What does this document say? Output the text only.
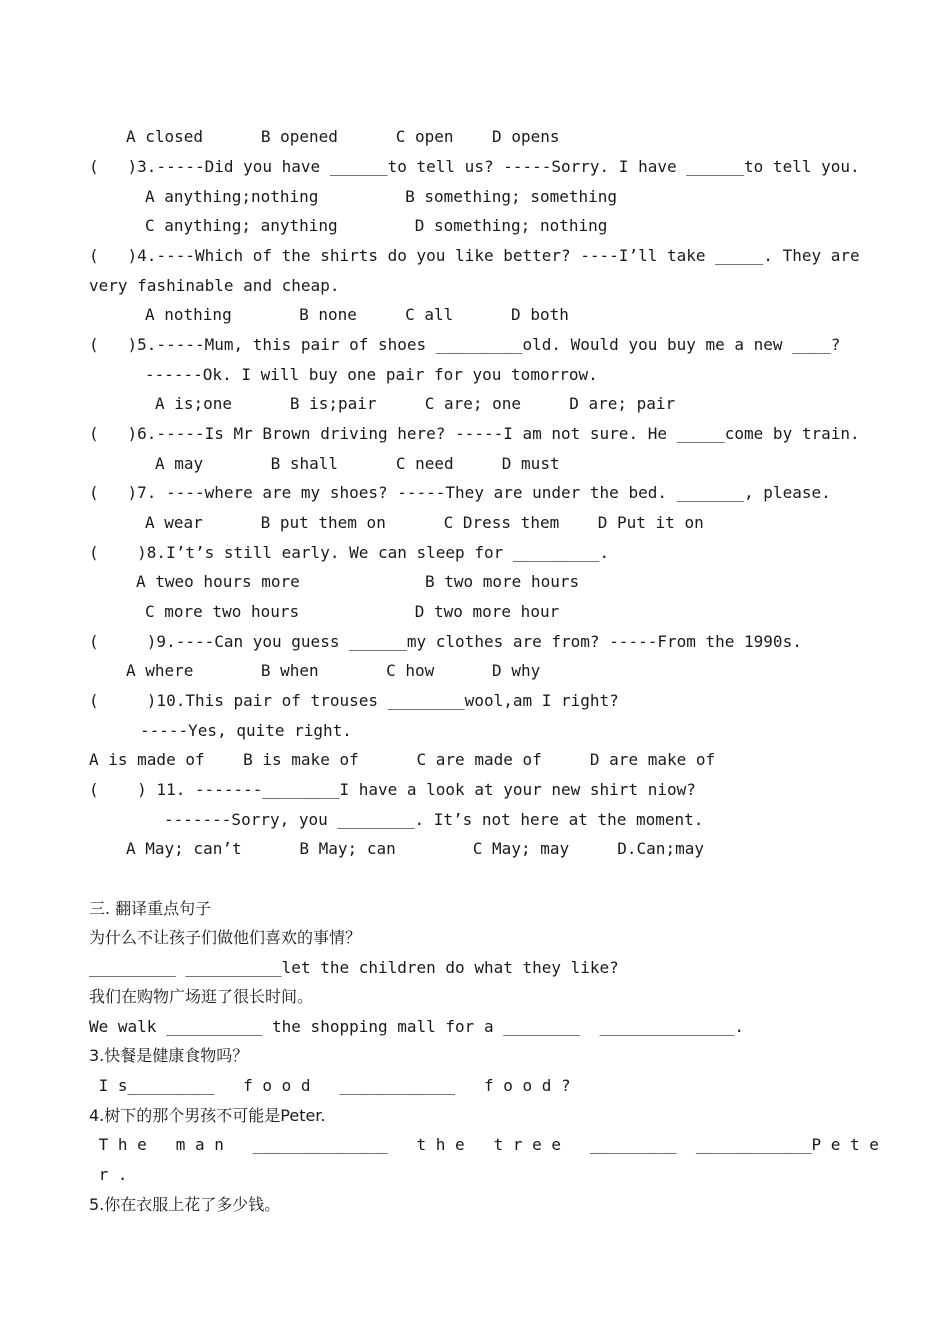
A closed      B opened      C open    D opens
(   )3.-----Did you have ______to tell us? -----Sorry. I have ______to tell you.
A anything;nothing         B something; something
C anything; anything        D something; nothing
(   )4.----Which of the shirts do you like better? ----I’ll take _____. They are
very fashinable and cheap.
A nothing       B none     C all      D both
(   )5.-----Mum, this pair of shoes _________old. Would you buy me a new ____?
------Ok. I will buy one pair for you tomorrow.
A is;one      B is;pair     C are; one     D are; pair
(   )6.-----Is Mr Brown driving here? -----I am not sure. He _____come by train.
A may       B shall      C need     D must
(   )7. ----where are my shoes? -----They are under the bed. _______, please.
A wear      B put them on      C Dress them    D Put it on
(    )8.I’t’s still early. We can sleep for _________.
A tweo hours more             B two more hours
C more two hours            D two more hour
(     )9.----Can you guess ______my clothes are from? -----From the 1990s.
A where       B when       C how      D why
(     )10.This pair of trouses ________wool,am I right?
-----Yes, quite right.
A is made of    B is make of      C are made of     D are make of
(    ) 11. -------________I have a look at your new shirt niow?
-------Sorry, you ________. It’s not here at the moment.
A May; can’t      B May; can        C May; may     D.Can;may
三. 翻译重点句子
为什么不让孩子们做他们喜欢的事情？
_________ __________let the children do what they like?
我们在购物广场逛了很长时间。
We walk __________ the shopping mall for a ________  ______________.
3.快餐是健康食物吗？
I s_________   f o o d   ____________   f o o d ?
4.树下的那个男孩不可能是Peter.
T h e   m a n   ______________   t h e   t r e e   _________  ____________P e t e
r .
5.你在衣服上花了多少钱。
